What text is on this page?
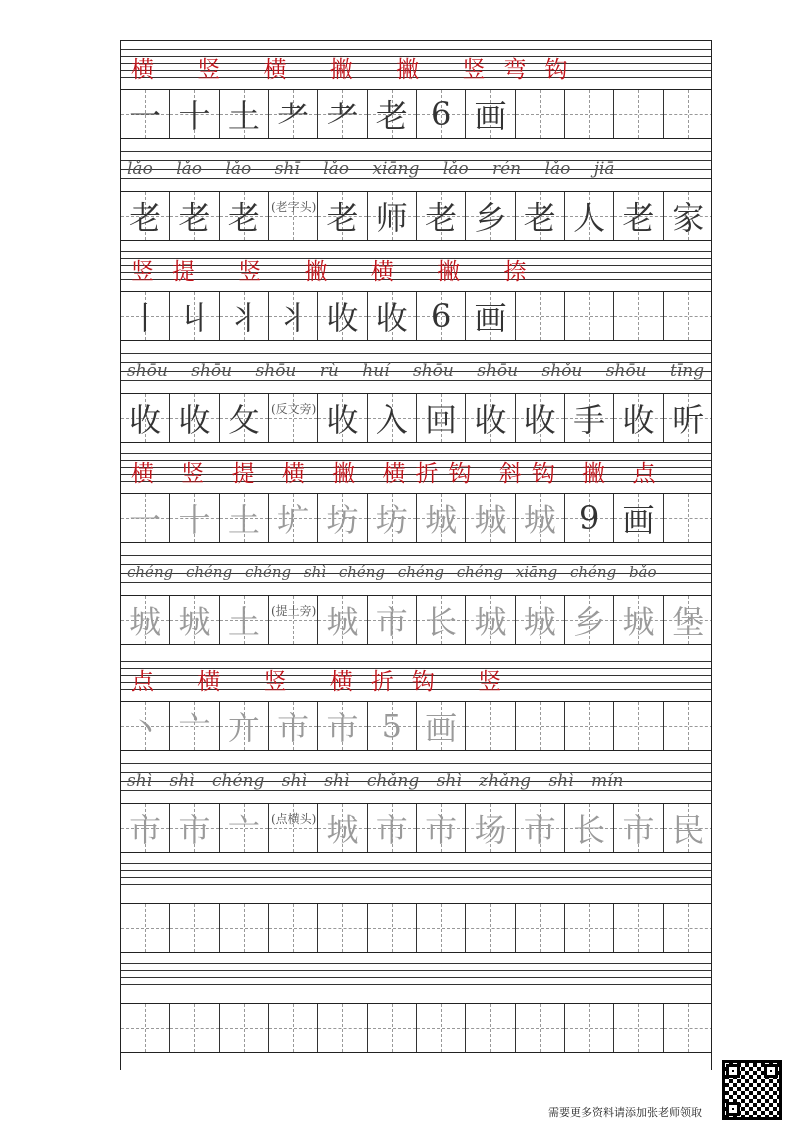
横 竖 横 撇 撇 竖弯钩
一 十 土 耂 耂 老 6 画
lǎo lǎo lǎo shī lǎo xiāng lǎo rén lǎo jiā
老 老 老 (老字头) 老 师 老 乡 老 人 老 家
竖提 竖 撇 横 撇 捺
丨 丩 丬 丬 收 收 6 画
shōu shōu shōu rù huí shōu shōu shǒu shōu tīng
收 收 攵 (反文旁) 收 入 回 收 收 手 收 听
横 竖 提 横 撇 横折钩 斜钩 撇 点
一 十 土 圹 坊 坊 城 城 城 9 画
chéng chéng chéng shì chéng chéng chéng xiāng chéng bǎo
城 城 土 (提土旁) 城 市 长 城 城 乡 城 堡
点 横 竖 横折钩 竖
丶 亠 亣 市 市 5 画
shì shì chéng shì shì chǎng shì zhǎng shì mín
市 市 亠 (点横头) 城 市 市 场 市 长 市 民
需要更多资料请添加张老师领取
